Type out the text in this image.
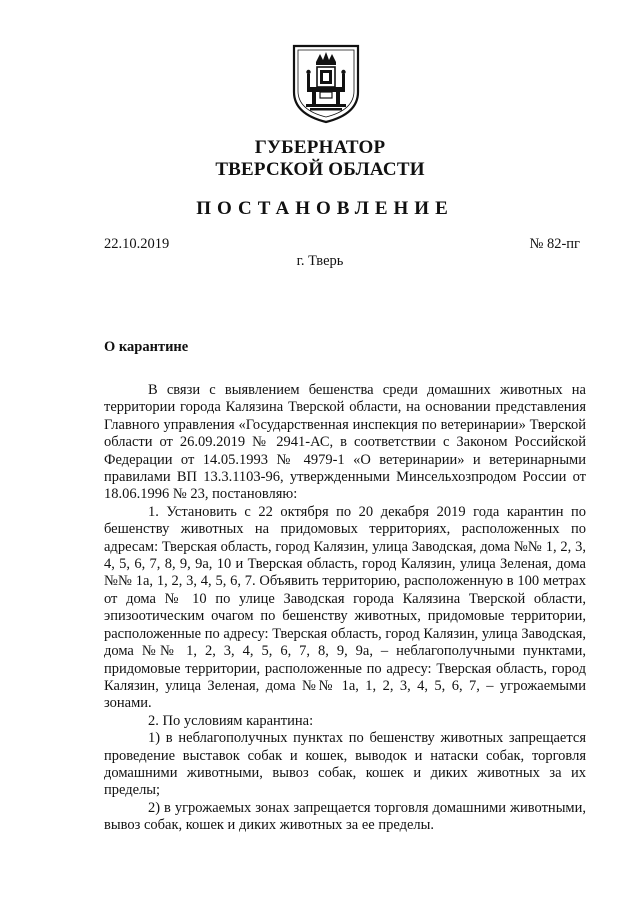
ГУБЕРНАТОР
ТВЕРСКОЙ ОБЛАСТИ
ПОСТАНОВЛЕНИЕ
22.10.2019	№ 82-пг
г. Тверь
О карантине

В связи с выявлением бешенства среди домашних животных на территории города Калязина Тверской области, на основании представления Главного управления «Государственная инспекция по ветеринарии» Тверской области от 26.09.2019 № 2941-АС, в соответствии с Законом Российской Федерации от 14.05.1993 № 4979-1 «О ветеринарии» и ветеринарными правилами ВП 13.3.1103-96, утвержденными Минсельхозпродом России от 18.06.1996 № 23, постановляю:

1. Установить с 22 октября по 20 декабря 2019 года карантин по бешенству животных на придомовых территориях, расположенных по адресам: Тверская область, город Калязин, улица Заводская, дома №№ 1, 2, 3, 4, 5, 6, 7, 8, 9, 9а, 10 и Тверская область, город Калязин, улица Зеленая, дома №№ 1а, 1, 2, 3, 4, 5, 6, 7. Объявить территорию, расположенную в 100 метрах от дома № 10 по улице Заводская города Калязина Тверской области, эпизоотическим очагом по бешенству животных, придомовые территории, расположенные по адресу: Тверская область, город Калязин, улица Заводская, дома №№ 1, 2, 3, 4, 5, 6, 7, 8, 9, 9а, – неблагополучными пунктами, придомовые территории, расположенные по адресу: Тверская область, город Калязин, улица Зеленая, дома №№ 1а, 1, 2, 3, 4, 5, 6, 7, – угрожаемыми зонами.

2. По условиям карантина:

1) в неблагополучных пунктах по бешенству животных запрещается проведение выставок собак и кошек, выводок и натаски собак, торговля домашними животными, вывоз собак, кошек и диких животных за их пределы;

2) в угрожаемых зонах запрещается торговля домашними животными, вывоз собак, кошек и диких животных за ее пределы.
